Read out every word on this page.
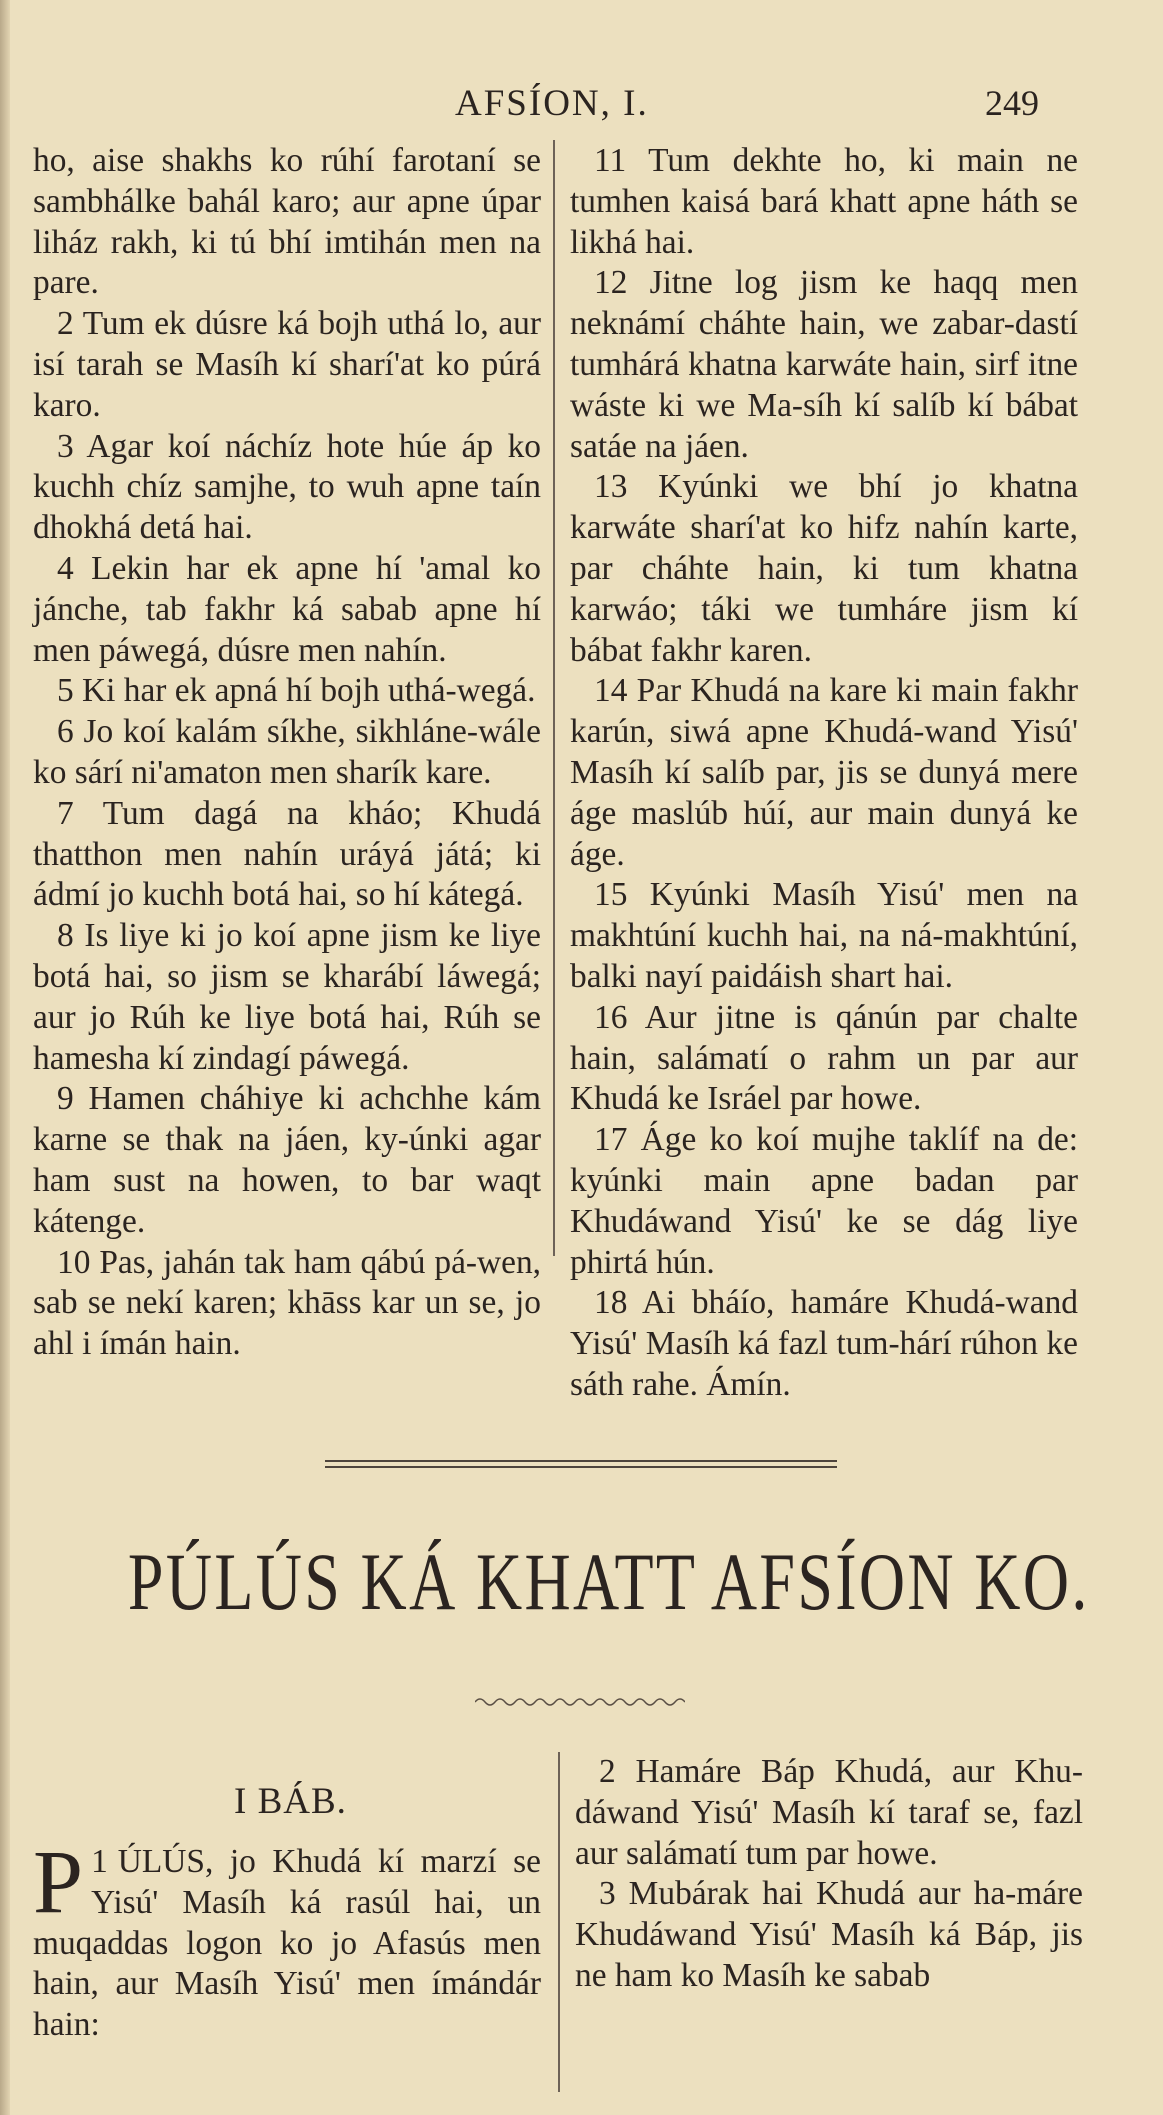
AFSÍON, I.	249

ho, aise shakhs ko rúhí farotaní se sambhálke bahál karo; aur apne úpar liház rakh, ki tú bhí imtihán men na pare.

2 Tum ek dúsre ká bojh uthá lo, aur isí tarah se Masíh kí sharí'at ko púrá karo.

3 Agar koí náchíz hote húe áp ko kuchh chíz samjhe, to wuh apne taín dhokhá detá hai.

4 Lekin har ek apne hí 'amal ko jánche, tab fakhr ká sabab apne hí men páwegá, dúsre men nahín.

5 Ki har ek apná hí bojh uthá-wegá.

6 Jo koí kalám síkhe, sikhláne-wále ko sárí ni'amaton men sharík kare.

7 Tum dagá na kháo; Khudá thatthon men nahín uráyá játá; ki ádmí jo kuchh botá hai, so hí kátegá.

8 Is liye ki jo koí apne jism ke liye botá hai, so jism se kharábí láwegá; aur jo Rúh ke liye botá hai, Rúh se hamesha kí zindagí páwegá.

9 Hamen cháhiye ki achchhe kám karne se thak na jáen, ky-únki agar ham sust na howen, to bar waqt kátenge.

10 Pas, jahán tak ham qábú pá-wen, sab se nekí karen; khāss kar un se, jo ahl i ímán hain.

11 Tum dekhte ho, ki main ne tumhen kaisá bará khatt apne háth se likhá hai.

12 Jitne log jism ke haqq men neknámí cháhte hain, we zabar-dastí tumhárá khatna karwáte hain, sirf itne wáste ki we Ma-síh kí salíb kí bábat satáe na jáen.

13 Kyúnki we bhí jo khatna karwáte sharí'at ko hifz nahín karte, par cháhte hain, ki tum khatna karwáo; táki we tumháre jism kí bábat fakhr karen.

14 Par Khudá na kare ki main fakhr karún, siwá apne Khudá-wand Yisú' Masíh kí salíb par, jis se dunyá mere áge maslúb húí, aur main dunyá ke áge.

15 Kyúnki Masíh Yisú' men na makhtúní kuchh hai, na ná-makhtúní, balki nayí paidáish shart hai.

16 Aur jitne is qánún par chalte hain, salámatí o rahm un par aur Khudá ke Isráel par howe.

17 Áge ko koí mujhe taklíf na de: kyúnki main apne badan par Khudáwand Yisú' ke se dág liye phirtá hún.

18 Ai bháío, hamáre Khudá-wand Yisú' Masíh ká fazl tum-hárí rúhon ke sáth rahe. Ámín.

PÚLÚS KÁ KHATT AFSÍON KO.
I BÁB.

1
P ÚLÚS, jo Khudá kí marzí se Yisú' Masíh ká rasúl hai, un muqaddas logon ko jo Afasús men hain, aur Masíh Yisú' men ímándár hain:

2 Hamáre Báp Khudá, aur Khu-dáwand Yisú' Masíh kí taraf se, fazl aur salámatí tum par howe.

3 Mubárak hai Khudá aur ha-máre Khudáwand Yisú' Masíh ká Báp, jis ne ham ko Masíh ke sabab
